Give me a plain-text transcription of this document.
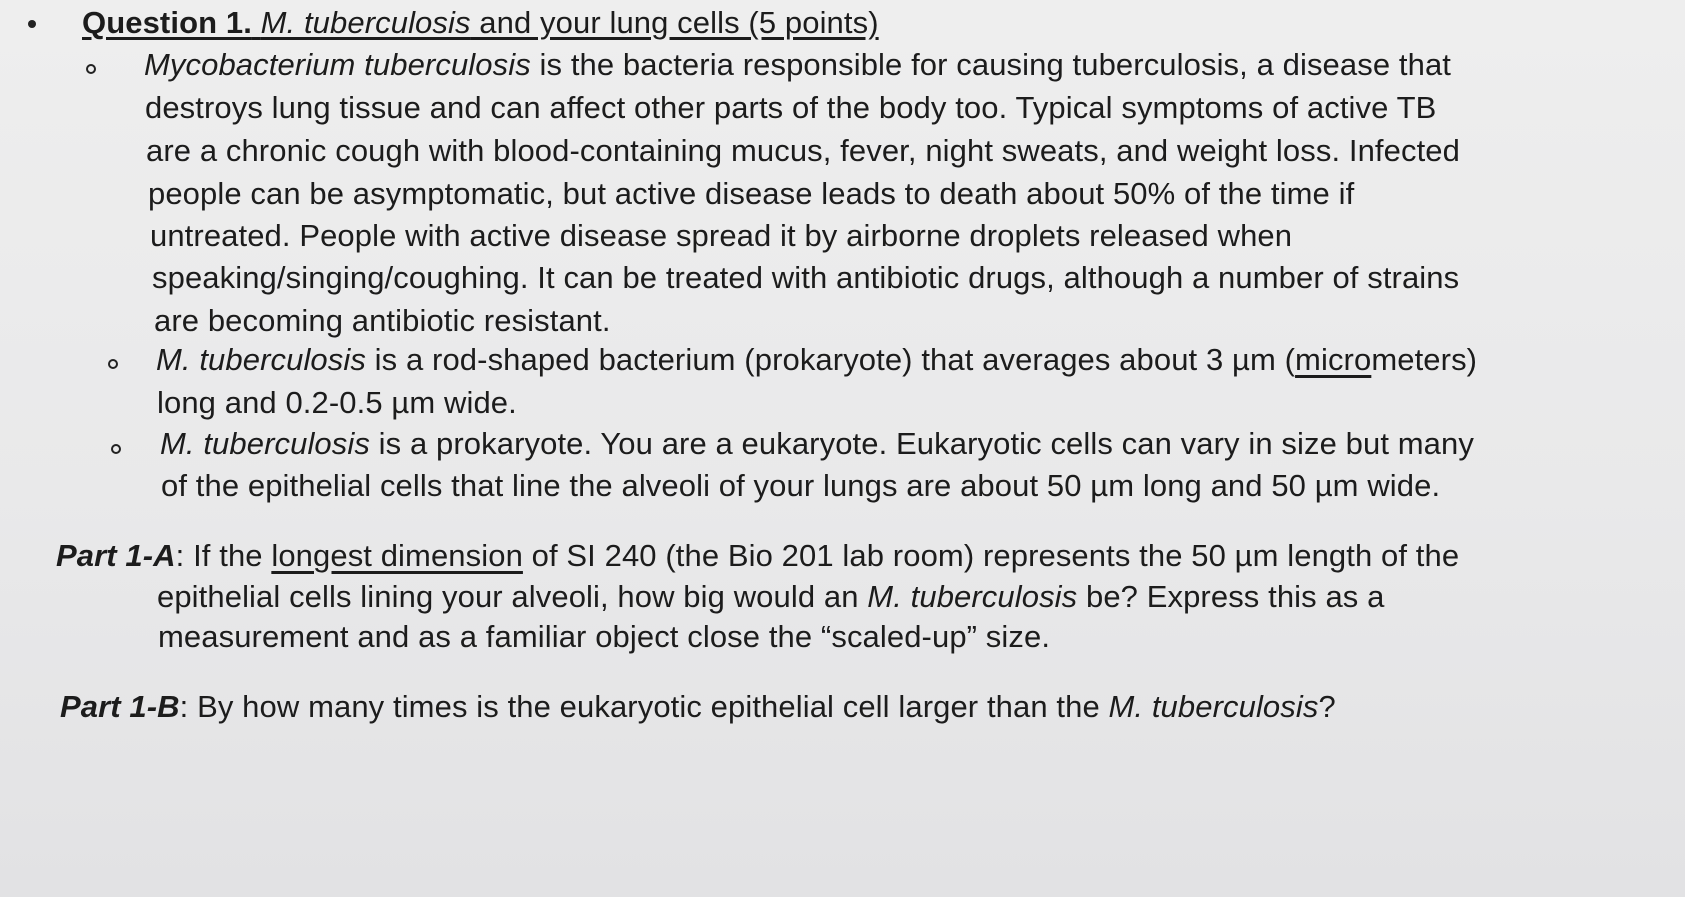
Question 1. M. tuberculosis and your lung cells (5 points)
Mycobacterium tuberculosis is the bacteria responsible for causing tuberculosis, a disease that
destroys lung tissue and can affect other parts of the body too. Typical symptoms of active TB
are a chronic cough with blood-containing mucus, fever, night sweats, and weight loss. Infected
people can be asymptomatic, but active disease leads to death about 50% of the time if
untreated. People with active disease spread it by airborne droplets released when
speaking/singing/coughing. It can be treated with antibiotic drugs, although a number of strains
are becoming antibiotic resistant.
M. tuberculosis is a rod-shaped bacterium (prokaryote) that averages about 3 µm (micrometers)
long and 0.2-0.5 µm wide.
M. tuberculosis is a prokaryote. You are a eukaryote. Eukaryotic cells can vary in size but many
of the epithelial cells that line the alveoli of your lungs are about 50 µm long and 50 µm wide.
Part 1-A: If the longest dimension of SI 240 (the Bio 201 lab room) represents the 50 µm length of the
epithelial cells lining your alveoli, how big would an M. tuberculosis be? Express this as a
measurement and as a familiar object close the “scaled-up” size.
Part 1-B: By how many times is the eukaryotic epithelial cell larger than the M. tuberculosis?
